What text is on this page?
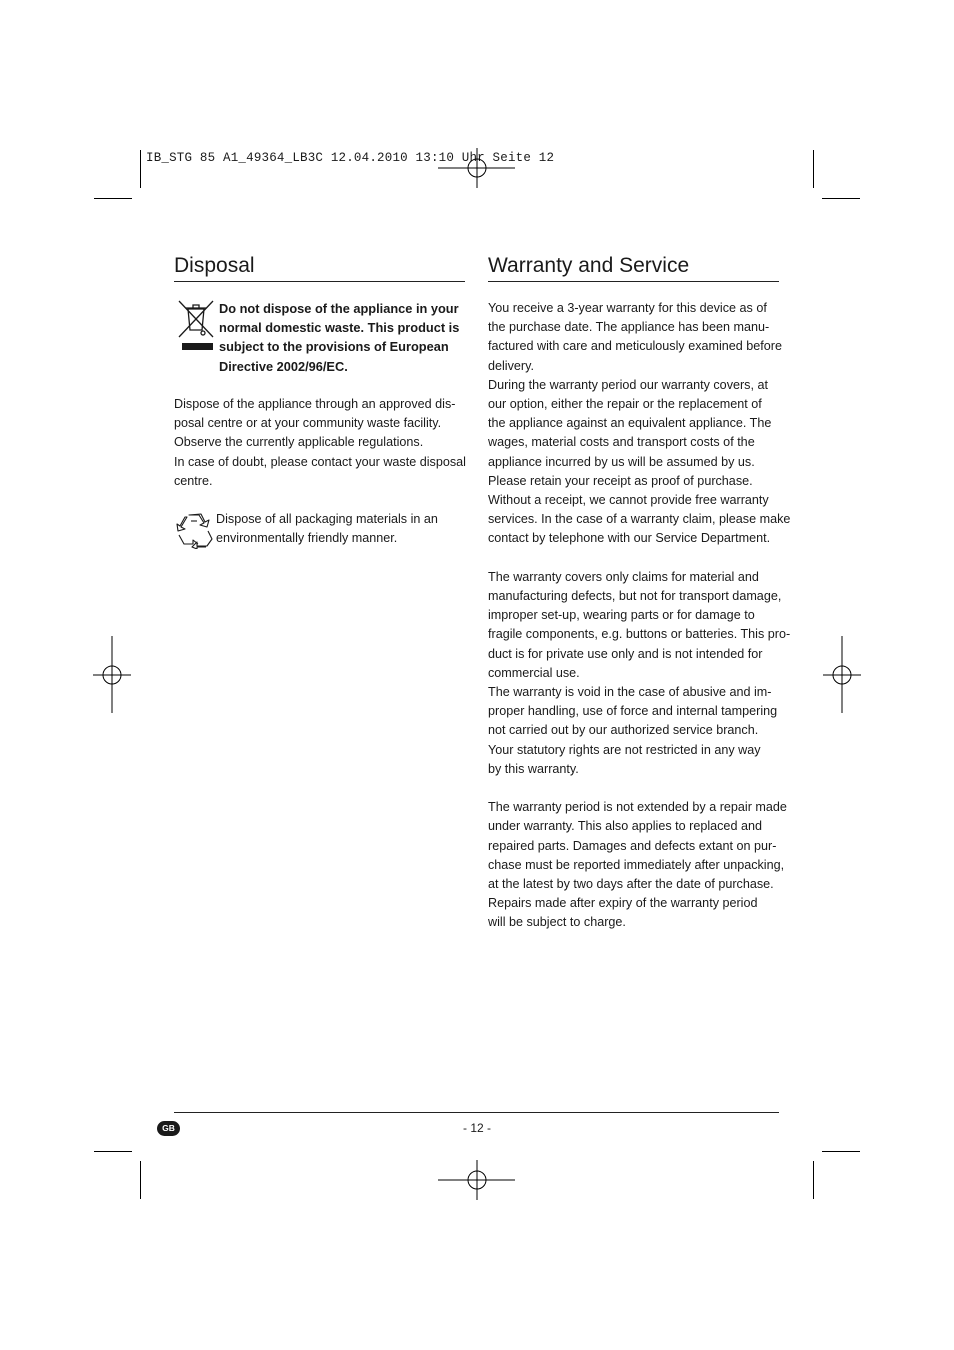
IB_STG 85 A1_49364_LB3C 12.04.2010 13:10 Uhr Seite 12
Disposal
Do not dispose of the appliance in your
normal domestic waste. This product is
subject to the provisions of European
Directive 2002/96/EC.
Dispose of the appliance through an approved dis-
posal centre or at your community waste facility.
Observe the currently applicable regulations.
In case of doubt, please contact your waste disposal
centre.
Dispose of all packaging materials in an
environmentally friendly manner.
Warranty and Service
You receive a 3-year warranty for this device as of
the purchase date. The appliance has been manu-
factured with care and meticulously examined before
delivery.
During the warranty period our warranty covers, at
our option, either the repair or the replacement of
the appliance against an equivalent appliance. The
wages, material costs and transport costs of the
appliance incurred by us will be assumed by us.
Please retain your receipt as proof of purchase.
Without a receipt, we cannot provide free warranty
services. In the case of a warranty claim, please make
contact by telephone with our Service Department.
The warranty covers only claims for material and
manufacturing defects, but not for transport damage,
improper set-up, wearing parts or for damage to
fragile components, e.g. buttons or batteries. This pro-
duct is for private use only and is not intended for
commercial use.
The warranty is void in the case of abusive and im-
proper handling, use of force and internal tampering
not carried out by our authorized service branch.
Your statutory rights are not restricted in any way
by this warranty.
The warranty period is not extended by a repair made
under warranty. This also applies to replaced and
repaired parts. Damages and defects extant on pur-
chase must be reported immediately after unpacking,
at the latest by two days after the date of purchase.
Repairs made after expiry of the warranty period
will be subject to charge.
GB	- 12 -
